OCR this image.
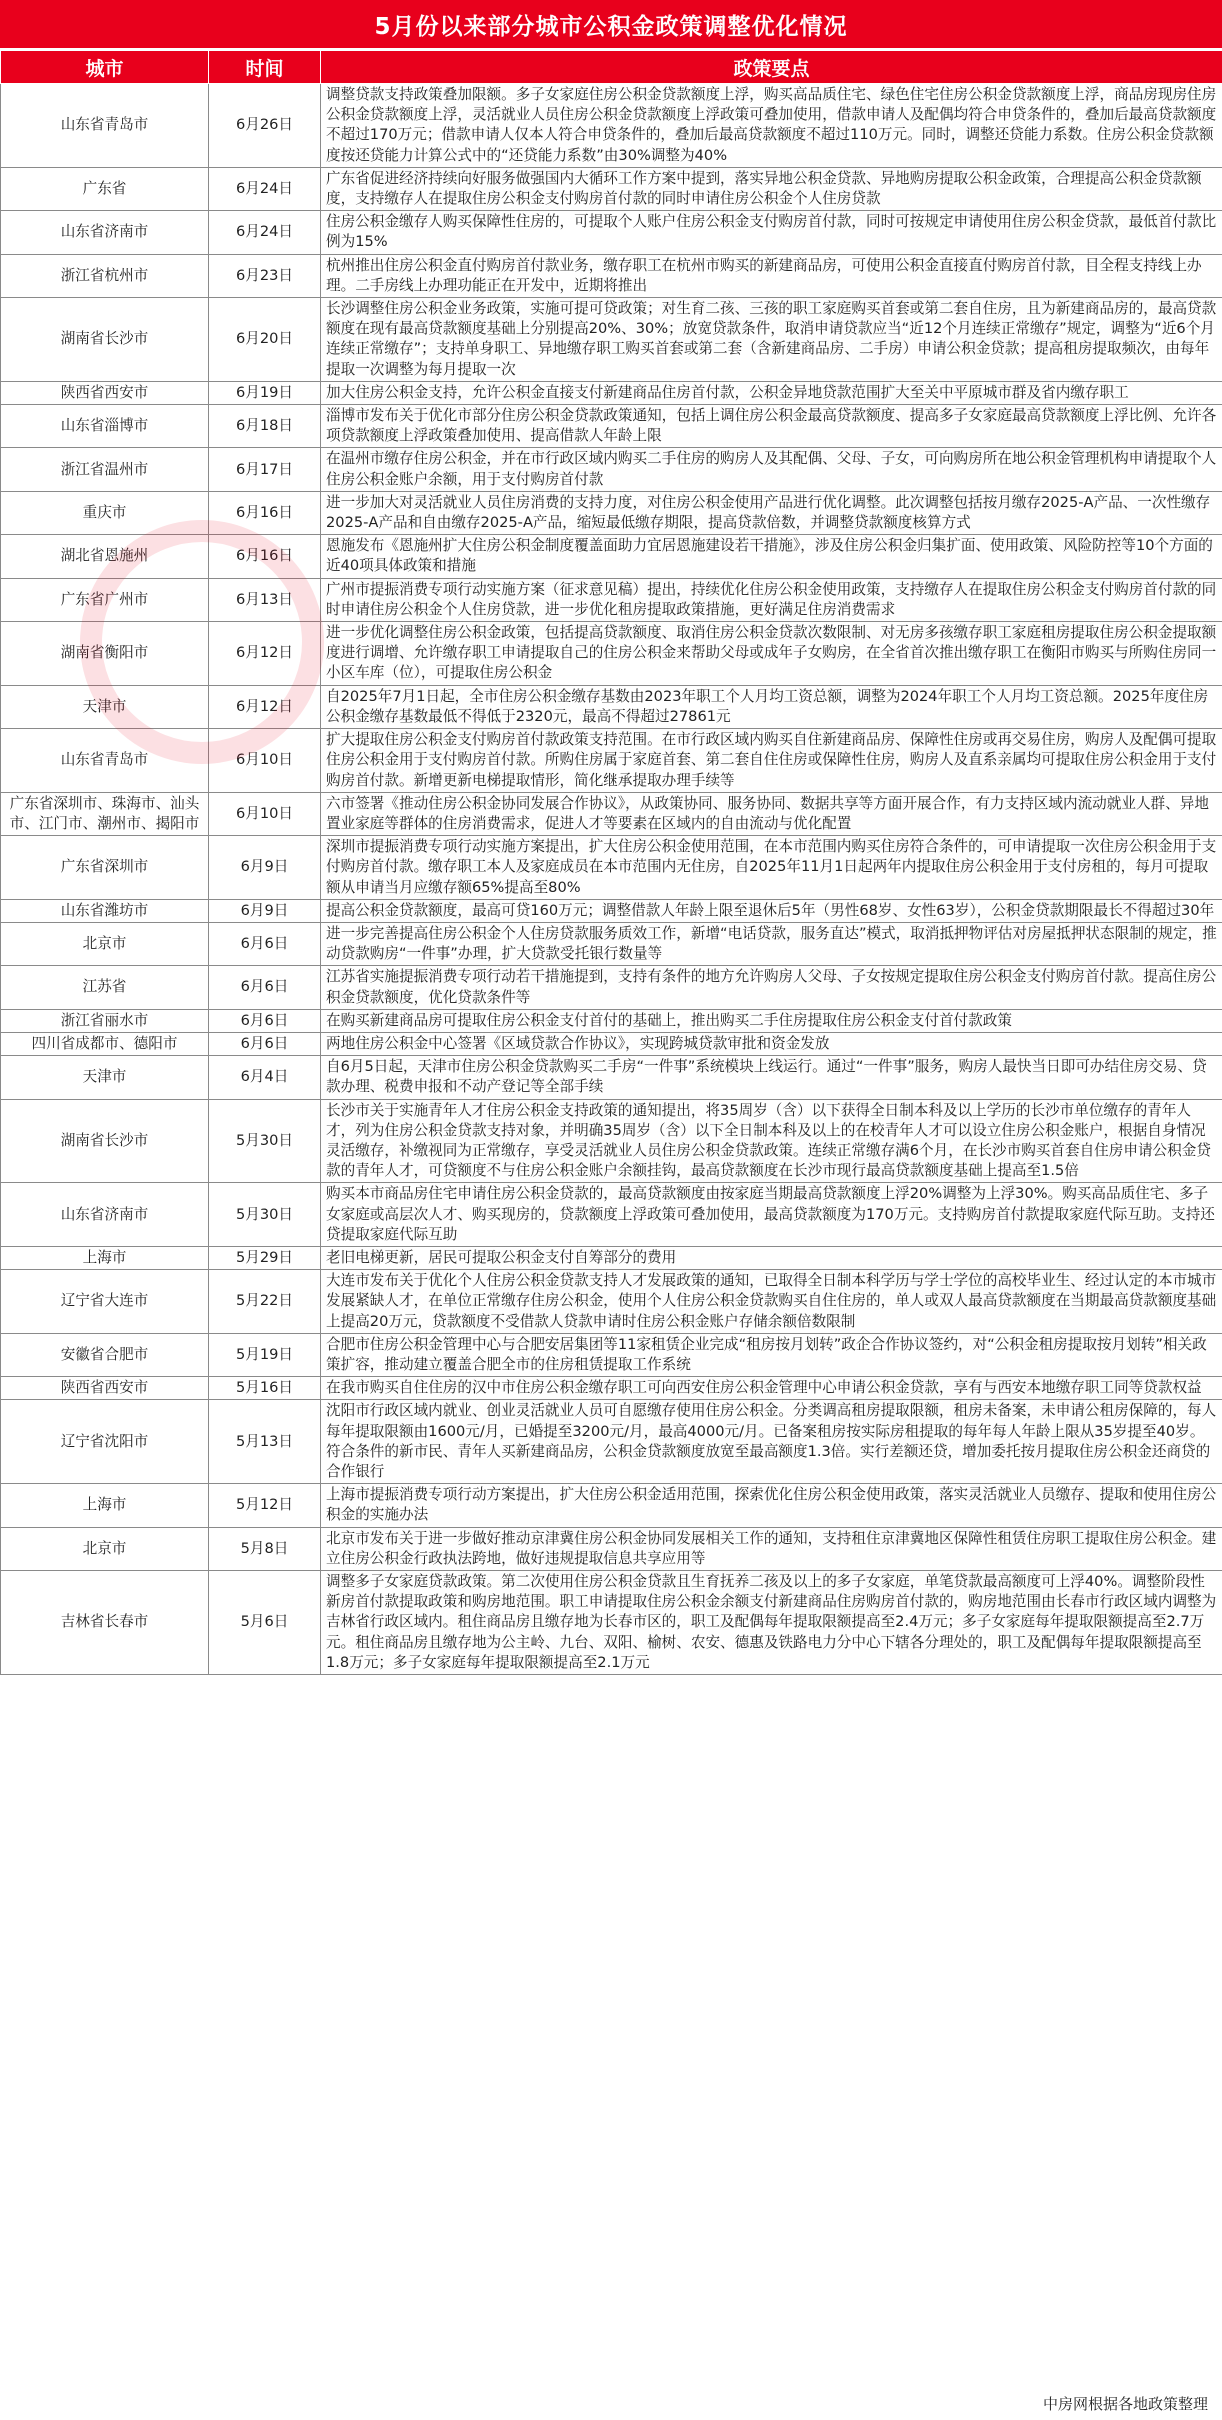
5月份以来部分城市公积金政策调整优化情况
城市	时间	政策要点
山东省青岛市	6月26日	调整贷款支持政策叠加限额。多子女家庭住房公积金贷款额度上浮，购买高品质住宅、绿色住宅住房公积金贷款额度上浮，商品房现房住房公积金贷款额度上浮，灵活就业人员住房公积金贷款额度上浮政策可叠加使用，借款申请人及配偶均符合申贷条件的，叠加后最高贷款额度不超过170万元；借款申请人仅本人符合申贷条件的，叠加后最高贷款额度不超过110万元。同时，调整还贷能力系数。住房公积金贷款额度按还贷能力计算公式中的“还贷能力系数”由30%调整为40%
广东省	6月24日	广东省促进经济持续向好服务做强国内大循环工作方案中提到，落实异地公积金贷款、异地购房提取公积金政策，合理提高公积金贷款额度，支持缴存人在提取住房公积金支付购房首付款的同时申请住房公积金个人住房贷款
山东省济南市	6月24日	住房公积金缴存人购买保障性住房的，可提取个人账户住房公积金支付购房首付款，同时可按规定申请使用住房公积金贷款，最低首付款比例为15%
浙江省杭州市	6月23日	杭州推出住房公积金直付购房首付款业务，缴存职工在杭州市购买的新建商品房，可使用公积金直接直付购房首付款，目全程支持线上办理。二手房线上办理功能正在开发中，近期将推出
湖南省长沙市	6月20日	长沙调整住房公积金业务政策，实施可提可贷政策；对生育二孩、三孩的职工家庭购买首套或第二套自住房，且为新建商品房的，最高贷款额度在现有最高贷款额度基础上分别提高20%、30%；放宽贷款条件，取消申请贷款应当“近12个月连续正常缴存”规定，调整为“近6个月连续正常缴存”；支持单身职工、异地缴存职工购买首套或第二套（含新建商品房、二手房）申请公积金贷款；提高租房提取频次，由每年提取一次调整为每月提取一次
陕西省西安市	6月19日	加大住房公积金支持，允许公积金直接支付新建商品住房首付款，公积金异地贷款范围扩大至关中平原城市群及省内缴存职工
山东省淄博市	6月18日	淄博市发布关于优化市部分住房公积金贷款政策通知，包括上调住房公积金最高贷款额度、提高多子女家庭最高贷款额度上浮比例、允许各项贷款额度上浮政策叠加使用、提高借款人年龄上限
浙江省温州市	6月17日	在温州市缴存住房公积金，并在市行政区域内购买二手住房的购房人及其配偶、父母、子女，可向购房所在地公积金管理机构申请提取个人住房公积金账户余额，用于支付购房首付款
重庆市	6月16日	进一步加大对灵活就业人员住房消费的支持力度，对住房公积金使用产品进行优化调整。此次调整包括按月缴存2025-A产品、一次性缴存2025-A产品和自由缴存2025-A产品，缩短最低缴存期限，提高贷款倍数，并调整贷款额度核算方式
湖北省恩施州	6月16日	恩施发布《恩施州扩大住房公积金制度覆盖面助力宜居恩施建设若干措施》，涉及住房公积金归集扩面、使用政策、风险防控等10个方面的近40项具体政策和措施
广东省广州市	6月13日	广州市提振消费专项行动实施方案（征求意见稿）提出，持续优化住房公积金使用政策，支持缴存人在提取住房公积金支付购房首付款的同时申请住房公积金个人住房贷款，进一步优化租房提取政策措施，更好满足住房消费需求
湖南省衡阳市	6月12日	进一步优化调整住房公积金政策，包括提高贷款额度、取消住房公积金贷款次数限制、对无房多孩缴存职工家庭租房提取住房公积金提取额度进行调增、允许缴存职工申请提取自己的住房公积金来帮助父母或成年子女购房，在全省首次推出缴存职工在衡阳市购买与所购住房同一小区车库（位），可提取住房公积金
天津市	6月12日	自2025年7月1日起，全市住房公积金缴存基数由2023年职工个人月均工资总额，调整为2024年职工个人月均工资总额。2025年度住房公积金缴存基数最低不得低于2320元，最高不得超过27861元
山东省青岛市	6月10日	扩大提取住房公积金支付购房首付款政策支持范围。在市行政区域内购买自住新建商品房、保障性住房或再交易住房，购房人及配偶可提取住房公积金用于支付购房首付款。所购住房属于家庭首套、第二套自住住房或保障性住房，购房人及直系亲属均可提取住房公积金用于支付购房首付款。新增更新电梯提取情形，简化继承提取办理手续等
广东省深圳市、珠海市、汕头市、江门市、潮州市、揭阳市	6月10日	六市签署《推动住房公积金协同发展合作协议》，从政策协同、服务协同、数据共享等方面开展合作，有力支持区域内流动就业人群、异地置业家庭等群体的住房消费需求，促进人才等要素在区域内的自由流动与优化配置
广东省深圳市	6月9日	深圳市提振消费专项行动实施方案提出，扩大住房公积金使用范围，在本市范围内购买住房符合条件的，可申请提取一次住房公积金用于支付购房首付款。缴存职工本人及家庭成员在本市范围内无住房，自2025年11月1日起两年内提取住房公积金用于支付房租的，每月可提取额从申请当月应缴存额65%提高至80%
山东省潍坊市	6月9日	提高公积金贷款额度，最高可贷160万元；调整借款人年龄上限至退休后5年（男性68岁、女性63岁），公积金贷款期限最长不得超过30年
北京市	6月6日	进一步完善提高住房公积金个人住房贷款服务质效工作，新增“电话贷款，服务直达”模式，取消抵押物评估对房屋抵押状态限制的规定，推动贷款购房“一件事”办理，扩大贷款受托银行数量等
江苏省	6月6日	江苏省实施提振消费专项行动若干措施提到，支持有条件的地方允许购房人父母、子女按规定提取住房公积金支付购房首付款。提高住房公积金贷款额度，优化贷款条件等
浙江省丽水市	6月6日	在购买新建商品房可提取住房公积金支付首付的基础上，推出购买二手住房提取住房公积金支付首付款政策
四川省成都市、德阳市	6月6日	两地住房公积金中心签署《区域贷款合作协议》，实现跨城贷款审批和资金发放
天津市	6月4日	自6月5日起，天津市住房公积金贷款购买二手房“一件事”系统模块上线运行。通过“一件事”服务，购房人最快当日即可办结住房交易、贷款办理、税费申报和不动产登记等全部手续
湖南省长沙市	5月30日	长沙市关于实施青年人才住房公积金支持政策的通知提出，将35周岁（含）以下获得全日制本科及以上学历的长沙市单位缴存的青年人才，列为住房公积金贷款支持对象，并明确35周岁（含）以下全日制本科及以上的在校青年人才可以设立住房公积金账户，根据自身情况灵活缴存，补缴视同为正常缴存，享受灵活就业人员住房公积金贷款政策。连续正常缴存满6个月，在长沙市购买首套自住房申请公积金贷款的青年人才，可贷额度不与住房公积金账户余额挂钩，最高贷款额度在长沙市现行最高贷款额度基础上提高至1.5倍
山东省济南市	5月30日	购买本市商品房住宅申请住房公积金贷款的，最高贷款额度由按家庭当期最高贷款额度上浮20%调整为上浮30%。购买高品质住宅、多子女家庭或高层次人才、购买现房的，贷款额度上浮政策可叠加使用，最高贷款额度为170万元。支持购房首付款提取家庭代际互助。支持还贷提取家庭代际互助
上海市	5月29日	老旧电梯更新，居民可提取公积金支付自筹部分的费用
辽宁省大连市	5月22日	大连市发布关于优化个人住房公积金贷款支持人才发展政策的通知，已取得全日制本科学历与学士学位的高校毕业生、经过认定的本市城市发展紧缺人才，在单位正常缴存住房公积金，使用个人住房公积金贷款购买自住住房的，单人或双人最高贷款额度在当期最高贷款额度基础上提高20万元，贷款额度不受借款人贷款申请时住房公积金账户存储余额倍数限制
安徽省合肥市	5月19日	合肥市住房公积金管理中心与合肥安居集团等11家租赁企业完成“租房按月划转”政企合作协议签约，对“公积金租房提取按月划转”相关政策扩容，推动建立覆盖合肥全市的住房租赁提取工作系统
陕西省西安市	5月16日	在我市购买自住住房的汉中市住房公积金缴存职工可向西安住房公积金管理中心申请公积金贷款，享有与西安本地缴存职工同等贷款权益
辽宁省沈阳市	5月13日	沈阳市行政区域内就业、创业灵活就业人员可自愿缴存使用住房公积金。分类调高租房提取限额，租房未备案，未申请公租房保障的，每人每年提取限额由1600元/月，已婚提至3200元/月，最高4000元/月。已备案租房按实际房租提取的每年每人年龄上限从35岁提至40岁。符合条件的新市民、青年人买新建商品房，公积金贷款额度放宽至最高额度1.3倍。实行差额还贷，增加委托按月提取住房公积金还商贷的合作银行
上海市	5月12日	上海市提振消费专项行动方案提出，扩大住房公积金适用范围，探索优化住房公积金使用政策，落实灵活就业人员缴存、提取和使用住房公积金的实施办法
北京市	5月8日	北京市发布关于进一步做好推动京津冀住房公积金协同发展相关工作的通知，支持租住京津冀地区保障性租赁住房职工提取住房公积金。建立住房公积金行政执法跨地，做好违规提取信息共享应用等
吉林省长春市	5月6日	调整多子女家庭贷款政策。第二次使用住房公积金贷款且生育抚养二孩及以上的多子女家庭，单笔贷款最高额度可上浮40%。调整阶段性新房首付款提取政策和购房地范围。职工申请提取住房公积金余额支付新建商品住房购房首付款的，购房地范围由长春市行政区域内调整为吉林省行政区域内。租住商品房且缴存地为长春市区的，职工及配偶每年提取限额提高至2.4万元；多子女家庭每年提取限额提高至2.7万元。租住商品房且缴存地为公主岭、九台、双阳、榆树、农安、德惠及铁路电力分中心下辖各分理处的，职工及配偶每年提取限额提高至1.8万元；多子女家庭每年提取限额提高至2.1万元
中房网根据各地政策整理
